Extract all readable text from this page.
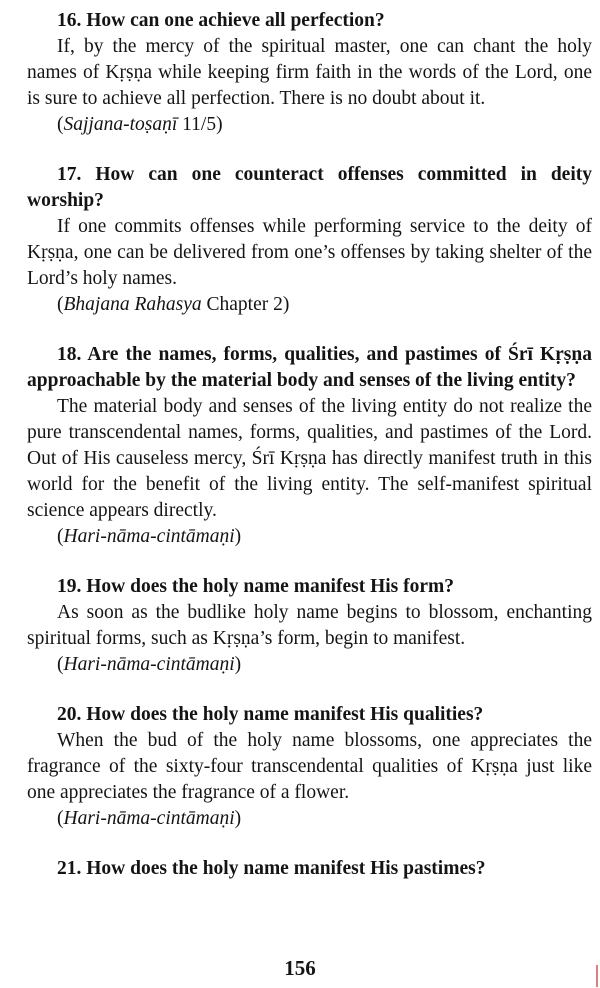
16. How can one achieve all perfection?

If, by the mercy of the spiritual master, one can chant the holy names of Kṛṣṇa while keeping firm faith in the words of the Lord, one is sure to achieve all perfection. There is no doubt about it.

(Sajjana-toṣaṇī 11/5)

17. How can one counteract offenses committed in deity worship?

If one commits offenses while performing service to the deity of Kṛṣṇa, one can be delivered from one’s offenses by taking shelter of the Lord’s holy names.

(Bhajana Rahasya Chapter 2)

18. Are the names, forms, qualities, and pastimes of Śrī Kṛṣṇa approachable by the material body and senses of the living entity?

The material body and senses of the living entity do not realize the pure transcendental names, forms, qualities, and pastimes of the Lord. Out of His causeless mercy, Śrī Kṛṣṇa has directly manifest truth in this world for the benefit of the living entity. The self-manifest spiritual science appears directly.

(Hari-nāma-cintāmaṇi)

19. How does the holy name manifest His form?

As soon as the budlike holy name begins to blossom, enchanting spiritual forms, such as Kṛṣṇa’s form, begin to manifest.

(Hari-nāma-cintāmaṇi)

20. How does the holy name manifest His qualities?

When the bud of the holy name blossoms, one appreciates the fragrance of the sixty-four transcendental qualities of Kṛṣṇa just like one appreciates the fragrance of a flower.

(Hari-nāma-cintāmaṇi)

21. How does the holy name manifest His pastimes?

156
